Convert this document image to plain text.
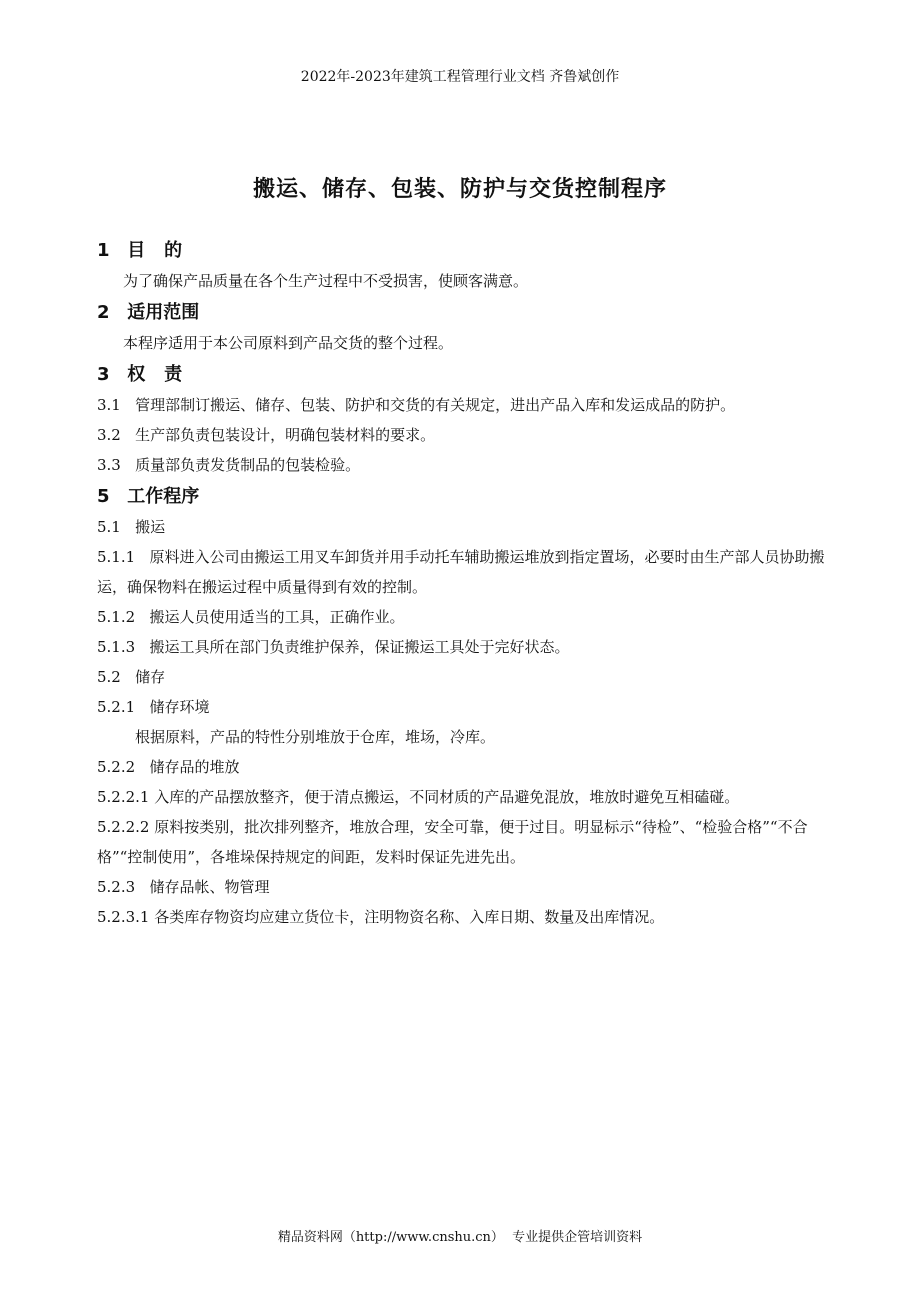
2022年-2023年建筑工程管理行业文档 齐鲁斌创作
搬运、储存、包装、防护与交货控制程序
1 目   的
为了确保产品质量在各个生产过程中不受损害，使顾客满意。
2 适用范围
本程序适用于本公司原料到产品交货的整个过程。
3 权   责
3.1   管理部制订搬运、储存、包装、防护和交货的有关规定，进出产品入库和发运成品的防护。
3.2   生产部负责包装设计，明确包装材料的要求。
3.3   质量部负责发货制品的包装检验。
5 工作程序
5.1   搬运
5.1.1   原料进入公司由搬运工用叉车卸货并用手动托车辅助搬运堆放到指定置场，必要时由生产部人员协助搬运，确保物料在搬运过程中质量得到有效的控制。
5.1.2   搬运人员使用适当的工具，正确作业。
5.1.3   搬运工具所在部门负责维护保养，保证搬运工具处于完好状态。
5.2   储存
5.2.1   储存环境
根据原料，产品的特性分别堆放于仓库，堆场，冷库。
5.2.2   储存品的堆放
5.2.2.1 入库的产品摆放整齐，便于清点搬运，不同材质的产品避免混放，堆放时避免互相磕碰。
5.2.2.2 原料按类别，批次排列整齐，堆放合理，安全可靠，便于过目。明显标示“待检”、“检验合格”“不合格”“控制使用”，各堆垛保持规定的间距，发料时保证先进先出。
5.2.3   储存品帐、物管理
5.2.3.1 各类库存物资均应建立货位卡，注明物资名称、入库日期、数量及出库情况。
精品资料网（http://www.cnshu.cn）  专业提供企管培训资料
